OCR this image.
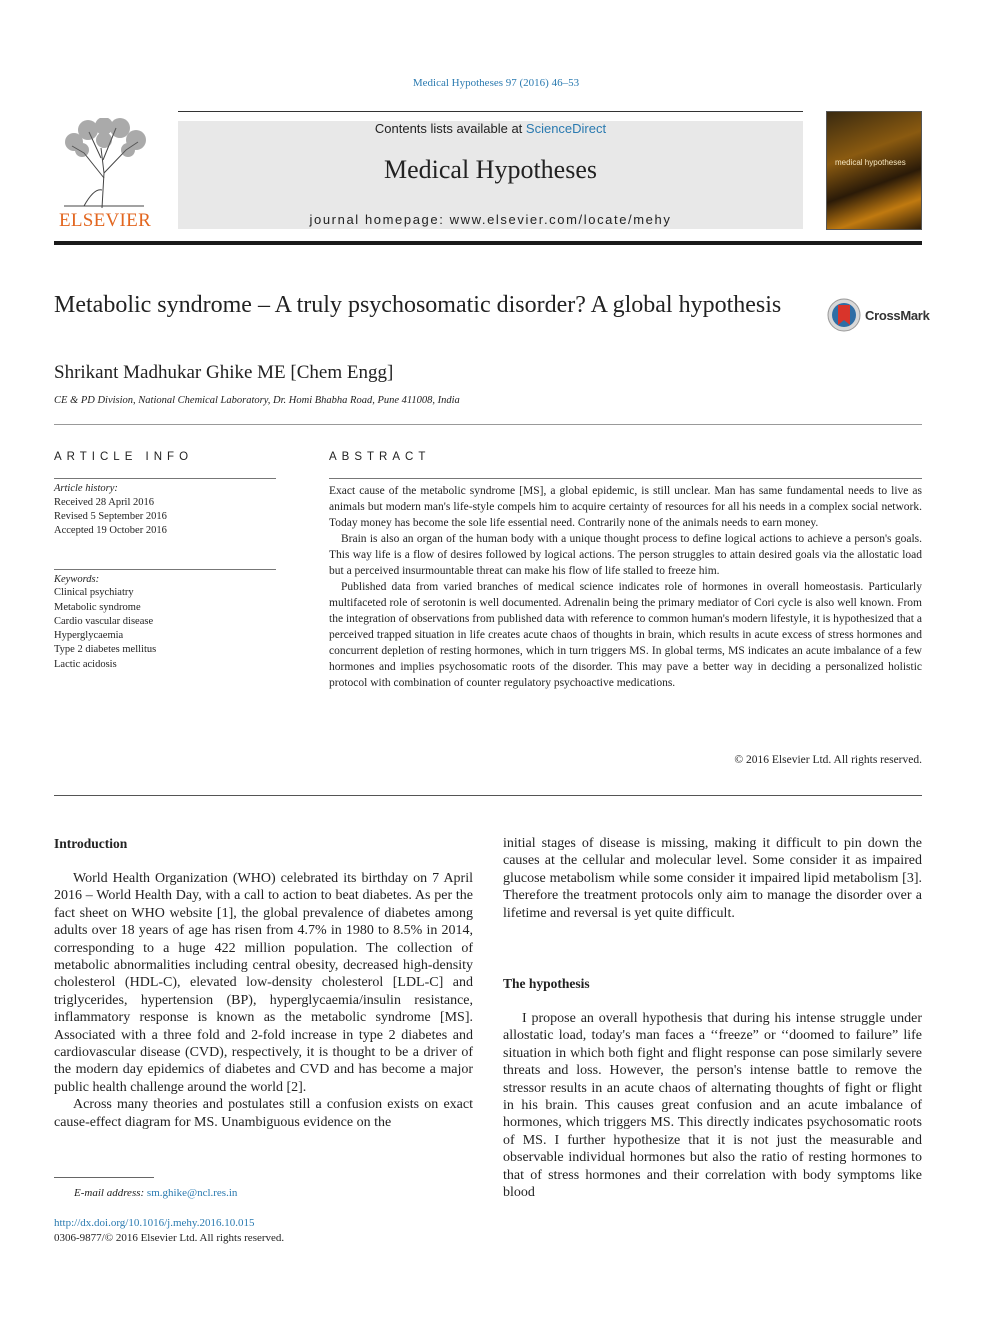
Medical Hypotheses 97 (2016) 46–53
ELSEVIER
Contents lists available at ScienceDirect
Medical Hypotheses
journal homepage: www.elsevier.com/locate/mehy
medical hypotheses
Metabolic syndrome – A truly psychosomatic disorder? A global hypothesis	CrossMark
Shrikant Madhukar Ghike ME [Chem Engg]
CE & PD Division, National Chemical Laboratory, Dr. Homi Bhabha Road, Pune 411008, India
ARTICLE INFO
Article history:
Received 28 April 2016
Revised 5 September 2016
Accepted 19 October 2016
Keywords:
Clinical psychiatry
Metabolic syndrome
Cardio vascular disease
Hyperglycaemia
Type 2 diabetes mellitus
Lactic acidosis
ABSTRACT

Exact cause of the metabolic syndrome [MS], a global epidemic, is still unclear. Man has same fundamental needs to live as animals but modern man's life-style compels him to acquire certainty of resources for all his needs in a complex social network. Today money has become the sole life essential need. Contrarily none of the animals needs to earn money.

Brain is also an organ of the human body with a unique thought process to define logical actions to achieve a person's goals. This way life is a flow of desires followed by logical actions. The person struggles to attain desired goals via the allostatic load but a perceived insurmountable threat can make his flow of life stalled to freeze him.

Published data from varied branches of medical science indicates role of hormones in overall homeostasis. Particularly multifaceted role of serotonin is well documented. Adrenalin being the primary mediator of Cori cycle is also well known. From the integration of observations from published data with reference to common human's modern lifestyle, it is hypothesized that a perceived trapped situation in life creates acute chaos of thoughts in brain, which results in acute excess of stress hormones and concurrent depletion of resting hormones, which in turn triggers MS. In global terms, MS indicates an acute imbalance of a few hormones and implies psychosomatic roots of the disorder. This may pave a better way in deciding a personalized holistic protocol with combination of counter regulatory psychoactive medications.

© 2016 Elsevier Ltd. All rights reserved.
Introduction

World Health Organization (WHO) celebrated its birthday on 7 April 2016 – World Health Day, with a call to action to beat diabetes. As per the fact sheet on WHO website [1], the global prevalence of diabetes among adults over 18 years of age has risen from 4.7% in 1980 to 8.5% in 2014, corresponding to a huge 422 million population. The collection of metabolic abnormalities including central obesity, decreased high-density cholesterol (HDL-C), elevated low-density cholesterol [LDL-C] and triglycerides, hypertension (BP), hyperglycaemia/insulin resistance, inflammatory response is known as the metabolic syndrome [MS]. Associated with a three fold and 2-fold increase in type 2 diabetes and cardiovascular disease (CVD), respectively, it is thought to be a driver of the modern day epidemics of diabetes and CVD and has become a major public health challenge around the world [2].

Across many theories and postulates still a confusion exists on exact cause-effect diagram for MS. Unambiguous evidence on the

initial stages of disease is missing, making it difficult to pin down the causes at the cellular and molecular level. Some consider it as impaired glucose metabolism while some consider it impaired lipid metabolism [3]. Therefore the treatment protocols only aim to manage the disorder over a lifetime and reversal is yet quite difficult.

The hypothesis

I propose an overall hypothesis that during his intense struggle under allostatic load, today's man faces a ‘‘freeze” or ‘‘doomed to failure” life situation in which both fight and flight response can pose similarly severe threats and loss. However, the person's intense battle to remove the stressor results in an acute chaos of alternating thoughts of fight or flight in his brain. This causes great confusion and an acute imbalance of hormones, which triggers MS. This directly indicates psychosomatic roots of MS. I further hypothesize that it is not just the measurable and observable individual hormones but also the ratio of resting hormones to that of stress hormones and their correlation with body symptoms like blood

E-mail address: sm.ghike@ncl.res.in
http://dx.doi.org/10.1016/j.mehy.2016.10.015
0306-9877/© 2016 Elsevier Ltd. All rights reserved.
